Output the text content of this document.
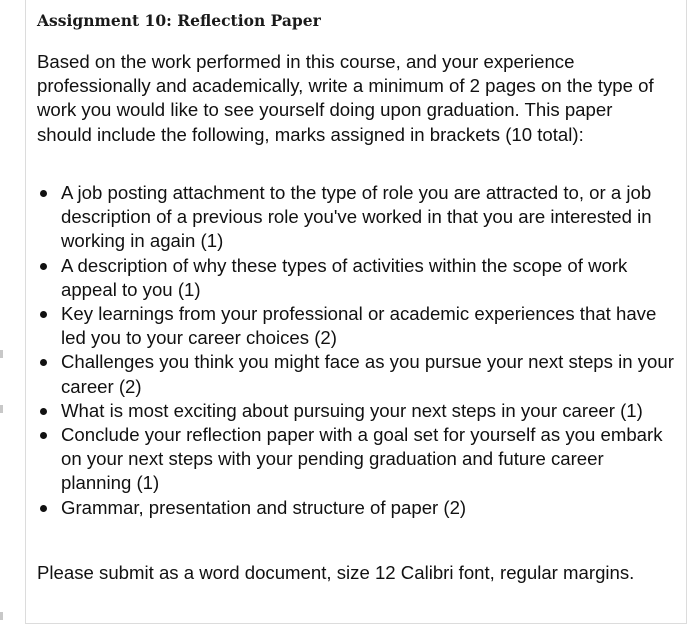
Assignment 10: Reflection Paper

Based on the work performed in this course, and your experience professionally and academically, write a minimum of 2 pages on the type of work you would like to see yourself doing upon graduation. This paper should include the following, marks assigned in brackets (10 total):

A job posting attachment to the type of role you are attracted to, or a job description of a previous role you've worked in that you are interested in working in again (1)
A description of why these types of activities within the scope of work appeal to you (1)
Key learnings from your professional or academic experiences that have led you to your career choices (2)
Challenges you think you might face as you pursue your next steps in your career (2)
What is most exciting about pursuing your next steps in your career (1)
Conclude your reflection paper with a goal set for yourself as you embark on your next steps with your pending graduation and future career planning (1)
Grammar, presentation and structure of paper (2)

Please submit as a word document, size 12 Calibri font, regular margins.
